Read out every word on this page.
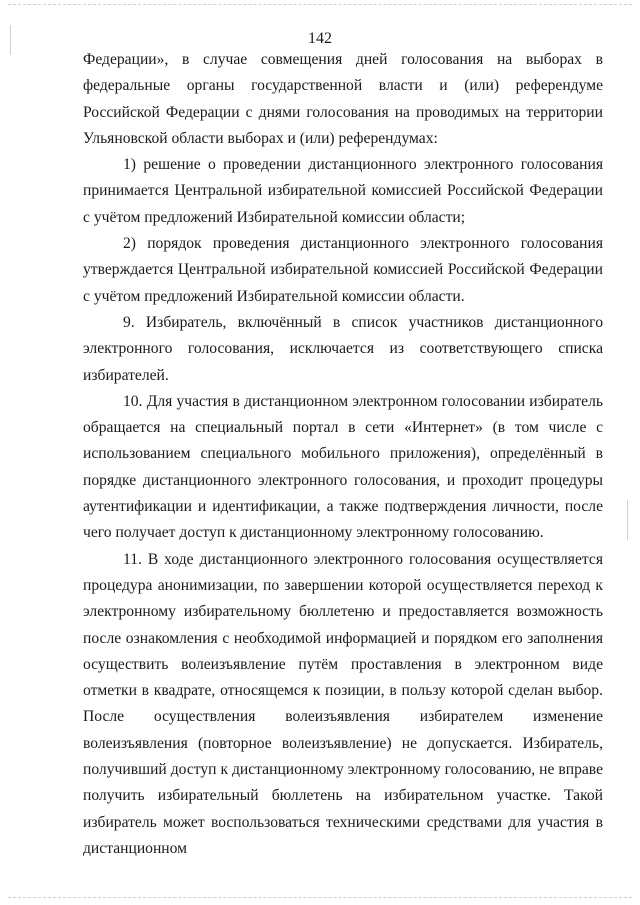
142

Федерации», в случае совмещения дней голосования на выборах в федеральные органы государственной власти и (или) референдуме Российской Федерации с днями голосования на проводимых на территории Ульяновской области выборах и (или) референдумах:

1) решение о проведении дистанционного электронного голосования принимается Центральной избирательной комиссией Российской Федерации с учётом предложений Избирательной комиссии области;

2) порядок проведения дистанционного электронного голосования утверждается Центральной избирательной комиссией Российской Федерации с учётом предложений Избирательной комиссии области.

9. Избиратель, включённый в список участников дистанционного электронного голосования, исключается из соответствующего списка избирателей.

10. Для участия в дистанционном электронном голосовании избиратель обращается на специальный портал в сети «Интернет» (в том числе с использованием специального мобильного приложения), определённый в порядке дистанционного электронного голосования, и проходит процедуры аутентификации и идентификации, а также подтверждения личности, после чего получает доступ к дистанционному электронному голосованию.

11. В ходе дистанционного электронного голосования осуществляется процедура анонимизации, по завершении которой осуществляется переход к электронному избирательному бюллетеню и предоставляется возможность после ознакомления с необходимой информацией и порядком его заполнения осуществить волеизъявление путём проставления в электронном виде отметки в квадрате, относящемся к позиции, в пользу которой сделан выбор. После осуществления волеизъявления избирателем изменение волеизъявления (повторное волеизъявление) не допускается. Избиратель, получивший доступ к дистанционному электронному голосованию, не вправе получить избирательный бюллетень на избирательном участке. Такой избиратель может воспользоваться техническими средствами для участия в дистанционном
